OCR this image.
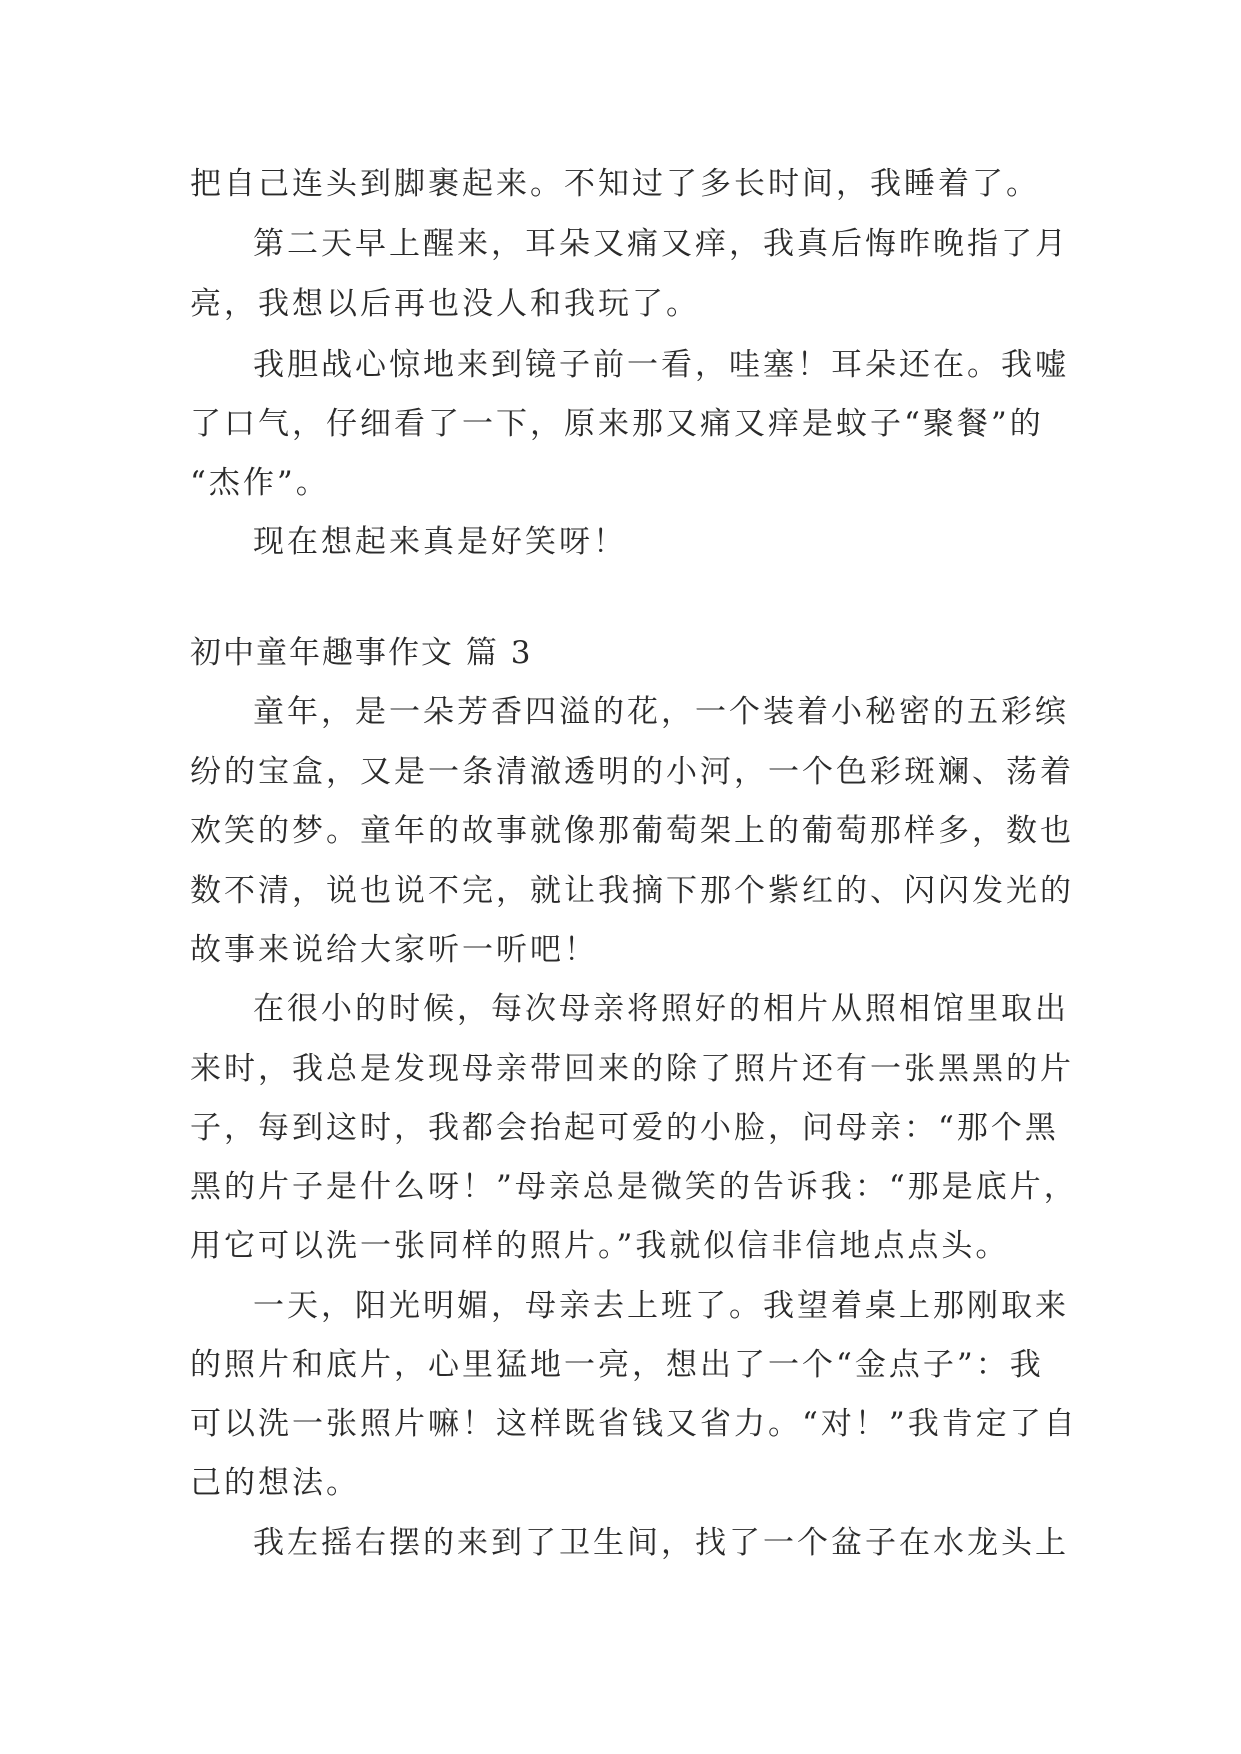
把自己连头到脚裹起来。不知过了多长时间，我睡着了。
第二天早上醒来，耳朵又痛又痒，我真后悔昨晚指了月
亮，我想以后再也没人和我玩了。
我胆战心惊地来到镜子前一看，哇塞！耳朵还在。我嘘
了口气，仔细看了一下，原来那又痛又痒是蚊子“聚餐”的
“杰作”。
现在想起来真是好笑呀！
初中童年趣事作文 篇 3
童年，是一朵芳香四溢的花，一个装着小秘密的五彩缤
纷的宝盒，又是一条清澈透明的小河，一个色彩斑斓、荡着
欢笑的梦。童年的故事就像那葡萄架上的葡萄那样多，数也
数不清，说也说不完，就让我摘下那个紫红的、闪闪发光的
故事来说给大家听一听吧！
在很小的时候，每次母亲将照好的相片从照相馆里取出
来时，我总是发现母亲带回来的除了照片还有一张黑黑的片
子，每到这时，我都会抬起可爱的小脸，问母亲：“那个黑
黑的片子是什么呀！”母亲总是微笑的告诉我：“那是底片，
用它可以洗一张同样的照片。”我就似信非信地点点头。
一天，阳光明媚，母亲去上班了。我望着桌上那刚取来
的照片和底片，心里猛地一亮，想出了一个“金点子”：我
可以洗一张照片嘛！这样既省钱又省力。“对！”我肯定了自
己的想法。
我左摇右摆的来到了卫生间，找了一个盆子在水龙头上
